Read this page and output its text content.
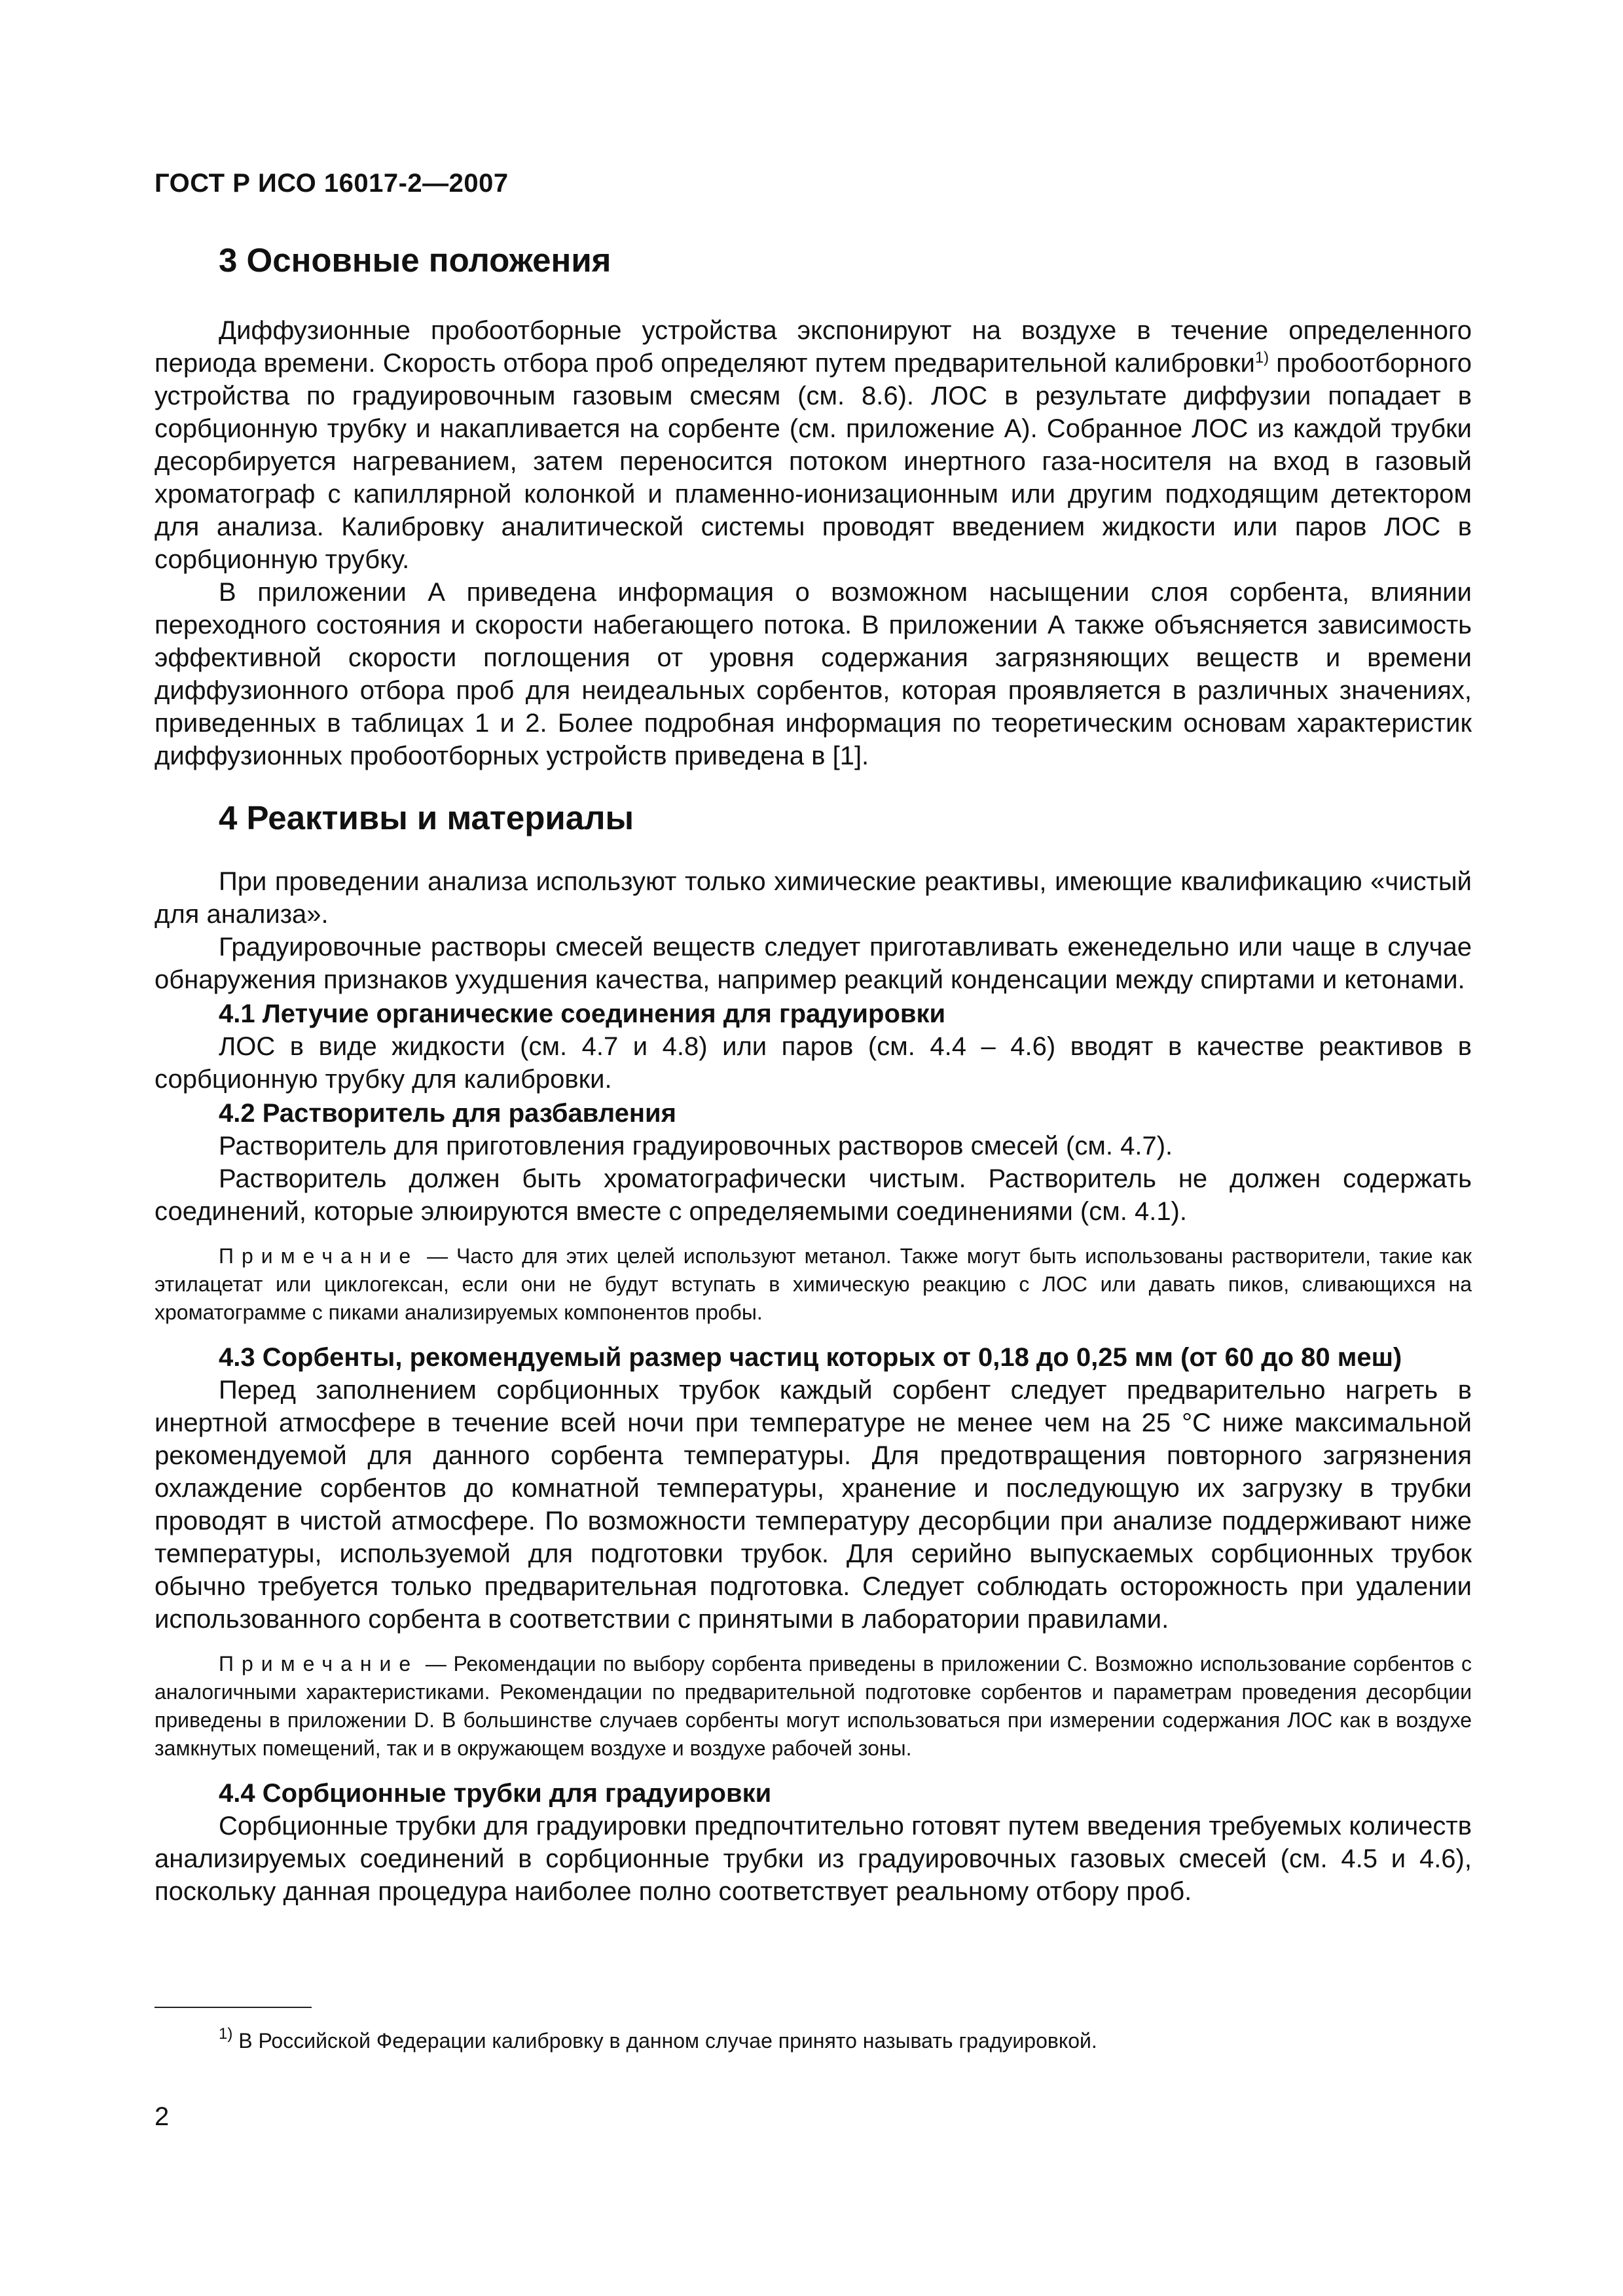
ГОСТ Р ИСО 16017-2—2007
3 Основные положения

Диффузионные пробоотборные устройства экспонируют на воздухе в течение определенного периода времени. Скорость отбора проб определяют путем предварительной калибровки$^{1)}$ пробоотборного устройства по градуировочным газовым смесям (см. 8.6). ЛОС в результате диффузии попадает в сорбционную трубку и накапливается на сорбенте (см. приложение А). Собранное ЛОС из каждой трубки десорбируется нагреванием, затем переносится потоком инертного газа-носителя на вход в газовый хроматограф с капиллярной колонкой и пламенно-ионизационным или другим подходящим детектором для анализа. Калибровку аналитической системы проводят введением жидкости или паров ЛОС в сорбционную трубку.

В приложении А приведена информация о возможном насыщении слоя сорбента, влиянии переходного состояния и скорости набегающего потока. В приложении А также объясняется зависимость эффективной скорости поглощения от уровня содержания загрязняющих веществ и времени диффузионного отбора проб для неидеальных сорбентов, которая проявляется в различных значениях, приведенных в таблицах 1 и 2. Более подробная информация по теоретическим основам характеристик диффузионных пробоотборных устройств приведена в [1].

4 Реактивы и материалы

При проведении анализа используют только химические реактивы, имеющие квалификацию «чистый для анализа».

Градуировочные растворы смесей веществ следует приготавливать еженедельно или чаще в случае обнаружения признаков ухудшения качества, например реакций конденсации между спиртами и кетонами.

4.1 Летучие органические соединения для градуировки

ЛОС в виде жидкости (см. 4.7 и 4.8) или паров (см. 4.4 – 4.6) вводят в качестве реактивов в сорбционную трубку для калибровки.

4.2 Растворитель для разбавления

Растворитель для приготовления градуировочных растворов смесей (см. 4.7).

Растворитель должен быть хроматографически чистым. Растворитель не должен содержать соединений, которые элюируются вместе с определяемыми соединениями (см. 4.1).

Примечание — Часто для этих целей используют метанол. Также могут быть использованы растворители, такие как этилацетат или циклогексан, если они не будут вступать в химическую реакцию с ЛОС или давать пиков, сливающихся на хроматограмме с пиками анализируемых компонентов пробы.
4.3 Сорбенты, рекомендуемый размер частиц которых от 0,18 до 0,25 мм (от 60 до 80 меш)

Перед заполнением сорбционных трубок каждый сорбент следует предварительно нагреть в инертной атмосфере в течение всей ночи при температуре не менее чем на 25 °С ниже максимальной рекомендуемой для данного сорбента температуры. Для предотвращения повторного загрязнения охлаждение сорбентов до комнатной температуры, хранение и последующую их загрузку в трубки проводят в чистой атмосфере. По возможности температуру десорбции при анализе поддерживают ниже температуры, используемой для подготовки трубок. Для серийно выпускаемых сорбционных трубок обычно требуется только предварительная подготовка. Следует соблюдать осторожность при удалении использованного сорбента в соответствии с принятыми в лаборатории правилами.

Примечание — Рекомендации по выбору сорбента приведены в приложении С. Возможно использование сорбентов с аналогичными характеристиками. Рекомендации по предварительной подготовке сорбентов и параметрам проведения десорбции приведены в приложении D. В большинстве случаев сорбенты могут использоваться при измерении содержания ЛОС как в воздухе замкнутых помещений, так и в окружающем воздухе и воздухе рабочей зоны.
4.4 Сорбционные трубки для градуировки

Сорбционные трубки для градуировки предпочтительно готовят путем введения требуемых количеств анализируемых соединений в сорбционные трубки из градуировочных газовых смесей (см. 4.5 и 4.6), поскольку данная процедура наиболее полно соответствует реальному отбору проб.

$^{1)}$ В Российской Федерации калибровку в данном случае принято называть градуировкой.
2
